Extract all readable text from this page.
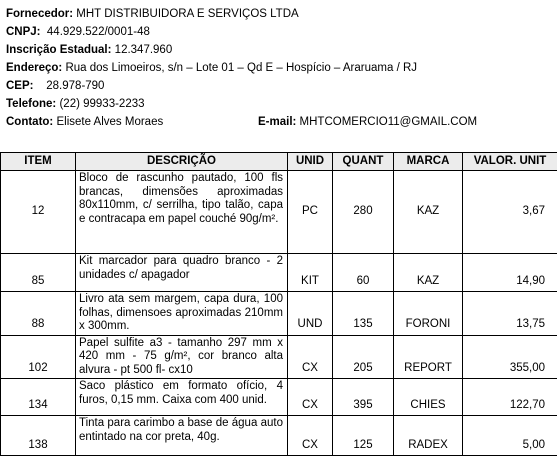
Fornecedor: MHT DISTRIBUIDORA E SERVIÇOS LTDA
CNPJ: 44.929.522/0001-48
Inscrição Estadual: 12.347.960
Endereço: Rua dos Limoeiros, s/n – Lote 01 – Qd E – Hospício – Araruama / RJ
CEP: 28.978-790
Telefone: (22) 99933-2233
Contato: Elisete Alves Moraes	E-mail: MHTCOMERCIO11@GMAIL.COM
ITEM	DESCRIÇÃO	UNID	QUANT	MARCA	VALOR. UNIT
12	Bloco de rascunho pautado, 100 fls brancas, dimensões aproximadas 80x110mm, c/ serrilha, tipo talão, capa e contracapa em papel couché 90g/m².	PC	280	KAZ	3,67
85	Kit marcador para quadro branco - 2 unidades c/ apagador	KIT	60	KAZ	14,90
88	Livro ata sem margem, capa dura, 100 folhas, dimensoes aproximadas 210mm x 300mm.	UND	135	FORONI	13,75
102	Papel sulfite a3 - tamanho 297 mm x 420 mm - 75 g/m², cor branco alta alvura - pt 500 fl- cx10	CX	205	REPORT	355,00
134	Saco plástico em formato ofício, 4 furos, 0,15 mm. Caixa com 400 unid.	CX	395	CHIES	122,70
138	Tinta para carimbo a base de água auto entintado na cor preta, 40g.	CX	125	RADEX	5,00
